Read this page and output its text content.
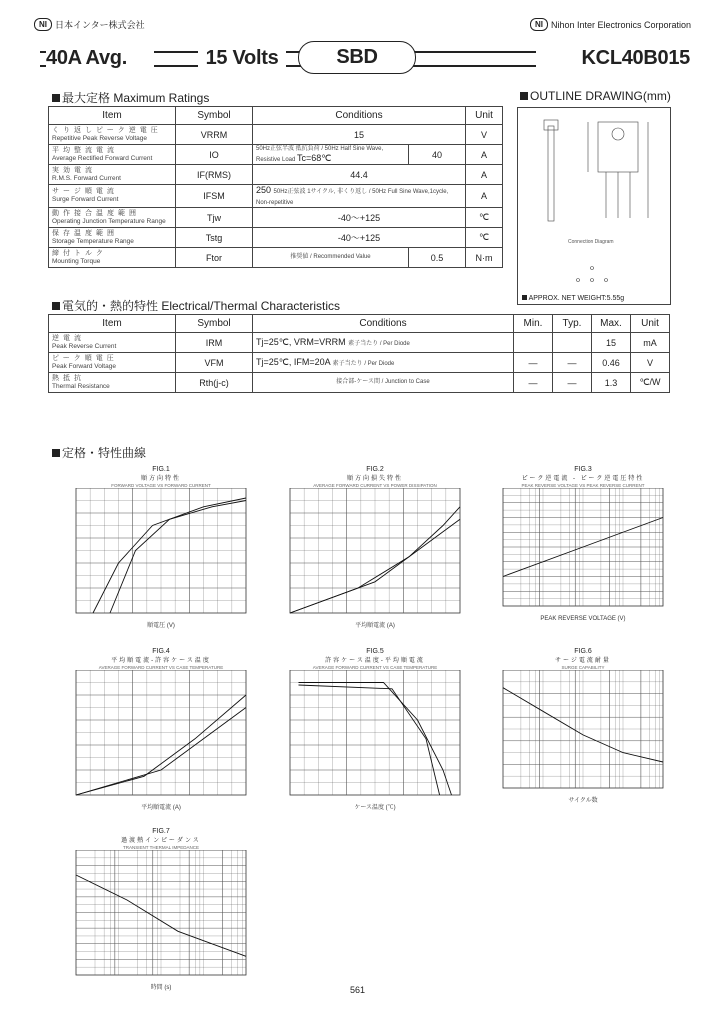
NI 日本インター株式会社	NI Nihon Inter Electronics Corporation
40A Avg.	15 Volts	SBD	KCL40B015
最大定格 Maximum Ratings
Item	Symbol	Conditions		Unit

くり返しピーク逆電圧
Repetitive Peak Reverse Voltage	VRRM	15		V

平均整流電流
Average Rectified Forward Current	IO	50Hz正弦半波 抵抗負荷 / 50Hz Half Sine Wave, Resistive Load Tc=68℃	40	A

実効電流
R.M.S. Forward Current	IF(RMS)	44.4		A

サージ順電流
Surge Forward Current	IFSM	250 50Hz正弦波 1サイクル, 非くり返し / 50Hz Full Sine Wave,1cycle, Non-repetitive		A

動作接合温度範囲
Operating Junction Temperature Range	Tjw	-40～+125		℃

保存温度範囲
Storage Temperature Range	Tstg	-40～+125		℃

締付トルク
Mounting Torque	Ftor	推奨値 / Recommended Value	0.5	N·m
OUTLINE DRAWING(mm)
Connection Diagram
APPROX. NET WEIGHT:5.55g
電気的・熱的特性 Electrical/Thermal Characteristics
Item	Symbol	Conditions	Min.	Typ.	Max.	Unit

逆電流
Peak Reverse Current	IRM	Tj=25℃, VRM=VRRM 素子当たり / Per Diode			15	mA

ピーク順電圧
Peak Forward Voltage	VFM	Tj=25℃, IFM=20A 素子当たり / Per Diode	—	—	0.46	V

熱抵抗
Thermal Resistance	Rth(j-c)	接合部-ケース間 / Junction to Case	—	—	1.3	℃/W
定格・特性曲線
FIG.1
順方向特性
FORWARD VOLTAGE VS FORWARD CURRENT
順電圧 (V)
FIG.2
順方向損失特性
AVERAGE FORWARD CURRENT VS POWER DISSIPATION
平均順電流 (A)
FIG.3
ピーク逆電流 - ピーク逆電圧特性
PEAK REVERSE VOLTAGE VS PEAK REVERSE CURRENT
PEAK REVERSE VOLTAGE (V)
FIG.4
平均順電流-許容ケース温度
AVERAGE FORWARD CURRENT VS CASE TEMPERATURE
平均順電流 (A)
FIG.5
許容ケース温度-平均順電流
AVERAGE FORWARD CURRENT VS CASE TEMPERATURE
ケース温度 (℃)
FIG.6
サージ電流耐量
SURGE CAPABILITY
サイクル数
FIG.7
過渡熱インピーダンス
TRANSIENT THERMAL IMPEDANCE
時間 (s)	561
